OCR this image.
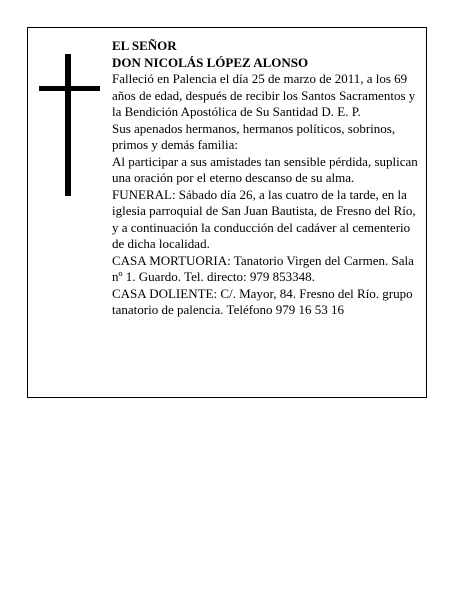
EL SEÑOR

DON NICOLÁS LÓPEZ ALONSO

Falleció en Palencia el día 25 de marzo de 2011, a los 69 años de edad, después de recibir los Santos Sacramentos y la Bendición Apostólica de Su Santidad D. E. P.

Sus apenados hermanos, hermanos políticos, sobrinos, primos y demás familia:

Al participar a sus amistades tan sensible pérdida, suplican una oración por el eterno descanso de su alma.

FUNERAL: Sábado día 26, a las cuatro de la tarde, en la iglesia parroquial de San Juan Bautista, de Fresno del Río, y a continuación la conducción del cadáver al cementerio de dicha localidad.

CASA MORTUORIA: Tanatorio Virgen del Carmen. Sala nº 1. Guardo. Tel. directo: 979 853348.

CASA DOLIENTE: C/. Mayor, 84. Fresno del Río. grupo tanatorio de palencia. Teléfono 979 16 53 16
